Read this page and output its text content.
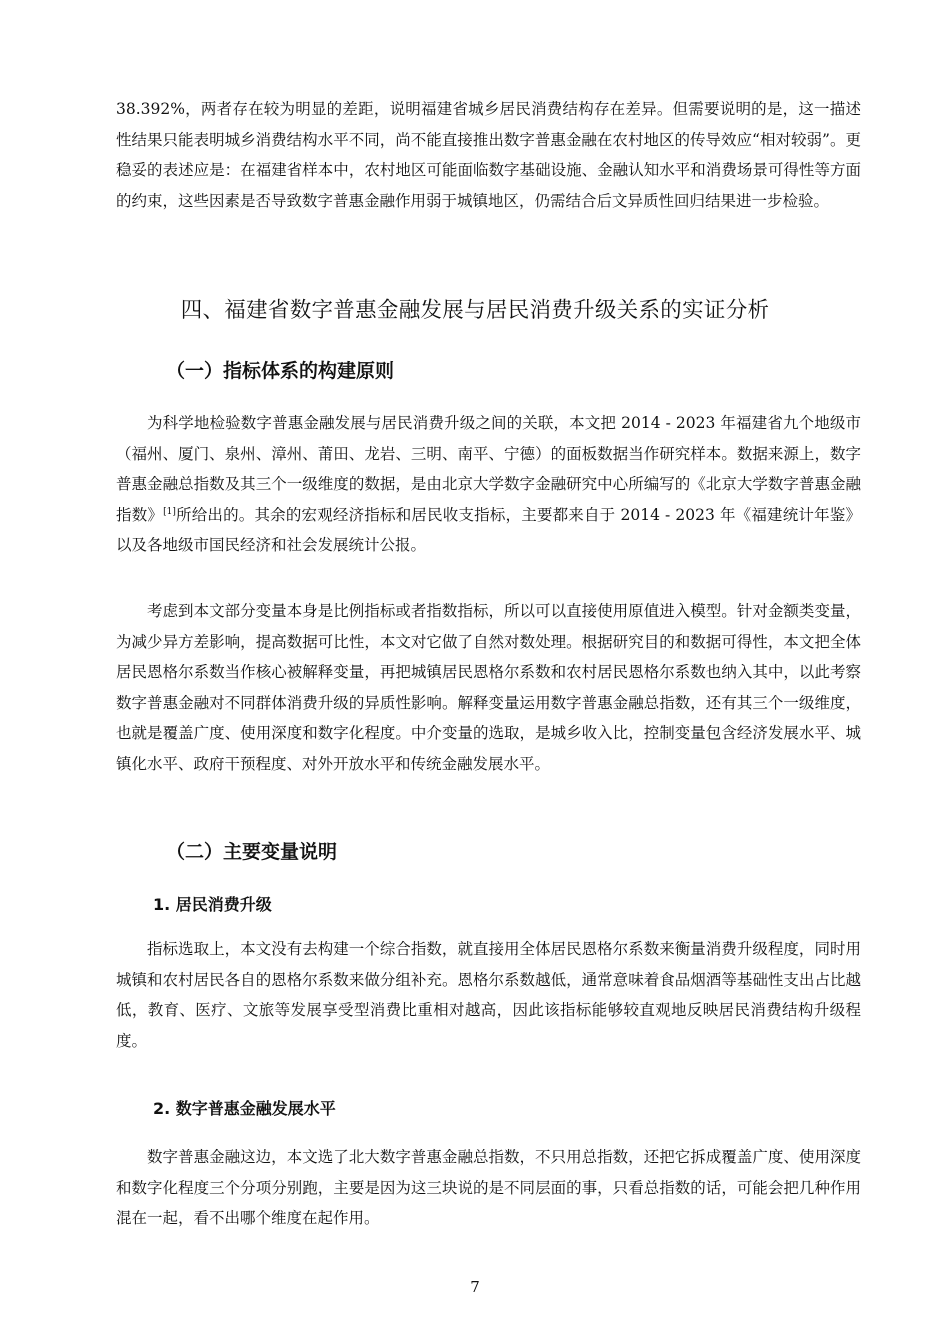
38.392%，两者存在较为明显的差距，说明福建省城乡居民消费结构存在差异。但需要说明的是，这一描述性结果只能表明城乡消费结构水平不同，尚不能直接推出数字普惠金融在农村地区的传导效应“相对较弱”。更稳妥的表述应是：在福建省样本中，农村地区可能面临数字基础设施、金融认知水平和消费场景可得性等方面的约束，这些因素是否导致数字普惠金融作用弱于城镇地区，仍需结合后文异质性回归结果进一步检验。

四、福建省数字普惠金融发展与居民消费升级关系的实证分析
（一）指标体系的构建原则

为科学地检验数字普惠金融发展与居民消费升级之间的关联，本文把 2014 - 2023 年福建省九个地级市（福州、厦门、泉州、漳州、莆田、龙岩、三明、南平、宁德）的面板数据当作研究样本。数据来源上，数字普惠金融总指数及其三个一级维度的数据，是由北京大学数字金融研究中心所编写的《北京大学数字普惠金融指数》[1]所给出的。其余的宏观经济指标和居民收支指标，主要都来自于 2014 - 2023 年《福建统计年鉴》以及各地级市国民经济和社会发展统计公报。

考虑到本文部分变量本身是比例指标或者指数指标，所以可以直接使用原值进入模型。针对金额类变量，为减少异方差影响，提高数据可比性，本文对它做了自然对数处理。根据研究目的和数据可得性，本文把全体居民恩格尔系数当作核心被解释变量，再把城镇居民恩格尔系数和农村居民恩格尔系数也纳入其中，以此考察数字普惠金融对不同群体消费升级的异质性影响。解释变量运用数字普惠金融总指数，还有其三个一级维度，也就是覆盖广度、使用深度和数字化程度。中介变量的选取，是城乡收入比，控制变量包含经济发展水平、城镇化水平、政府干预程度、对外开放水平和传统金融发展水平。

（二）主要变量说明
1. 居民消费升级

指标选取上，本文没有去构建一个综合指数，就直接用全体居民恩格尔系数来衡量消费升级程度，同时用城镇和农村居民各自的恩格尔系数来做分组补充。恩格尔系数越低，通常意味着食品烟酒等基础性支出占比越低，教育、医疗、文旅等发展享受型消费比重相对越高，因此该指标能够较直观地反映居民消费结构升级程度。

2. 数字普惠金融发展水平

数字普惠金融这边，本文选了北大数字普惠金融总指数，不只用总指数，还把它拆成覆盖广度、使用深度和数字化程度三个分项分别跑，主要是因为这三块说的是不同层面的事，只看总指数的话，可能会把几种作用混在一起，看不出哪个维度在起作用。

7
